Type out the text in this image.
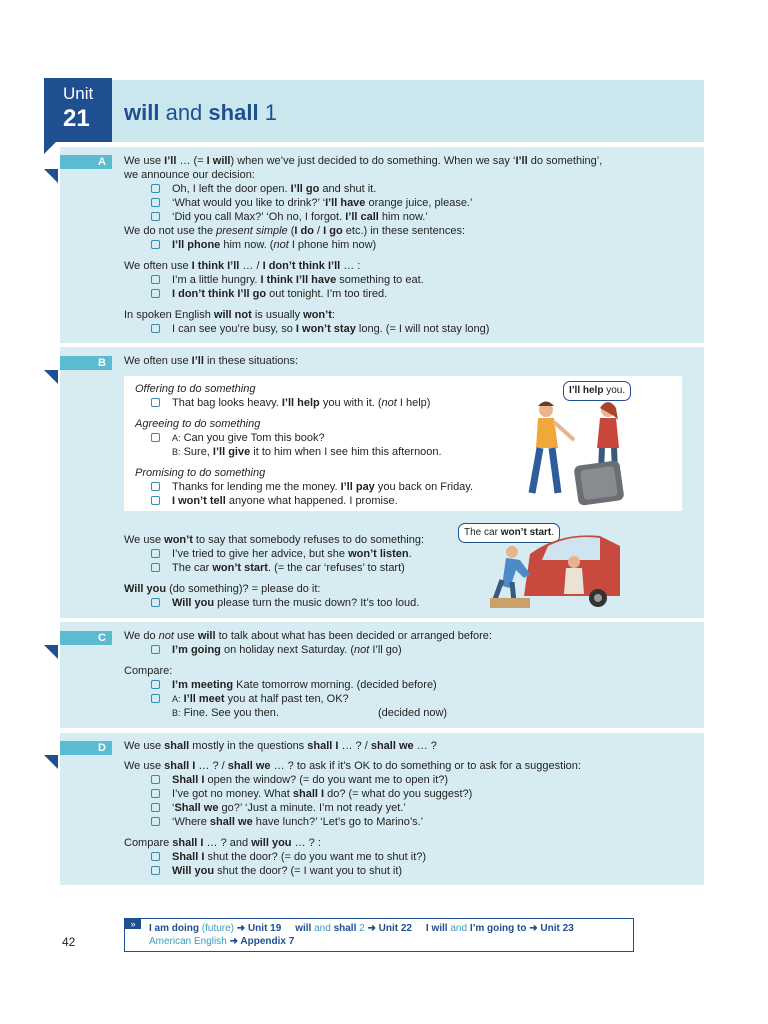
Unit
21 will and shall 1
A	We use I’ll … (= I will) when we’ve just decided to do something. When we say ‘I’ll do something’,
we announce our decision:
Oh, I left the door open. I’ll go and shut it.
‘What would you like to drink?’ ‘I’ll have orange juice, please.’
‘Did you call Max?’ ‘Oh no, I forgot. I’ll call him now.’
We do not use the present simple (I do / I go etc.) in these sentences:
I’ll phone him now. (not I phone him now)
We often use I think I’ll … / I don’t think I’ll … :
I’m a little hungry. I think I’ll have something to eat.
I don’t think I’ll go out tonight. I’m too tired.
In spoken English will not is usually won’t:
I can see you’re busy, so I won’t stay long. (= I will not stay long)
B	We often use I’ll in these situations:
Offering to do something
That bag looks heavy. I’ll help you with it. (not I help)
Agreeing to do something
A: Can you give Tom this book?
B: Sure, I’ll give it to him when I see him this afternoon.
Promising to do something
Thanks for lending me the money. I’ll pay you back on Friday.
I won’t tell anyone what happened. I promise.
I’ll help you.
We use won’t to say that somebody refuses to do something:
I’ve tried to give her advice, but she won’t listen.
The car won’t start. (= the car ‘refuses’ to start)
Will you (do something)? = please do it:
Will you please turn the music down? It’s too loud.
The car won’t start.
C	We do not use will to talk about what has been decided or arranged before:
I’m going on holiday next Saturday. (not I’ll go)
Compare:
I’m meeting Kate tomorrow morning. (decided before)
A: I’ll meet you at half past ten, OK?
B: Fine. See you then.	(decided now)
D	We use shall mostly in the questions shall I … ? / shall we … ?
We use shall I … ? / shall we … ? to ask if it’s OK to do something or to ask for a suggestion:
Shall I open the window? (= do you want me to open it?)
I’ve got no money. What shall I do? (= what do you suggest?)
‘Shall we go?’ ‘Just a minute. I’m not ready yet.’
‘Where shall we have lunch?’ ‘Let’s go to Marino’s.’
Compare shall I … ? and will you … ? :
Shall I shut the door? (= do you want me to shut it?)
Will you shut the door? (= I want you to shut it)
»	I am doing (future) ➜ Unit 19 will and shall 2 ➜ Unit 22 I will and I’m going to ➜ Unit 23
American English ➜ Appendix 7
42
